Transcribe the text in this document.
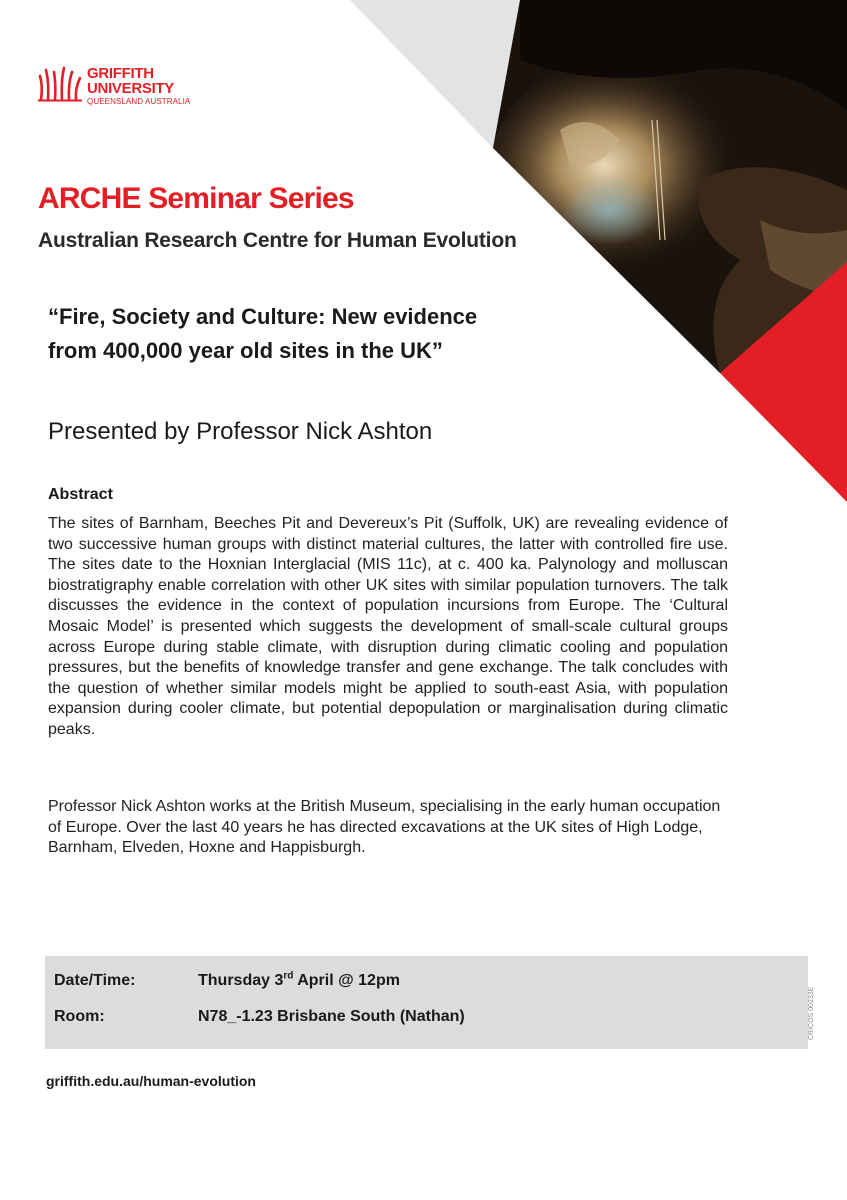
GRIFFITH
UNIVERSITY
QUEENSLAND AUSTRALIA
ARCHE Seminar Series
Australian Research Centre for Human Evolution
“Fire, Society and Culture: New evidence
from 400,000 year old sites in the UK”
Presented by Professor Nick Ashton
Abstract

The sites of Barnham, Beeches Pit and Devereux’s Pit (Suffolk, UK) are revealing evidence of two successive human groups with distinct material cultures, the latter with controlled fire use. The sites date to the Hoxnian Interglacial (MIS 11c), at c. 400 ka. Palynology and molluscan biostratigraphy enable correlation with other UK sites with similar population turnovers. The talk discusses the evidence in the context of population incursions from Europe. The ‘Cultural Mosaic Model’ is presented which suggests the development of small-scale cultural groups across Europe during stable climate, with disruption during climatic cooling and population pressures, but the benefits of knowledge transfer and gene exchange. The talk concludes with the question of whether similar models might be applied to south-east Asia, with population expansion during cooler climate, but potential depopulation or marginalisation during climatic peaks.

Professor Nick Ashton works at the British Museum, specialising in the early human occupation of Europe. Over the last 40 years he has directed excavations at the UK sites of High Lodge, Barnham, Elveden, Hoxne and Happisburgh.

Date/Time:	Thursday 3rd April @ 12pm
Room:	N78_-1.23 Brisbane South (Nathan)	CRICOS 00233E
griffith.edu.au/human-evolution
